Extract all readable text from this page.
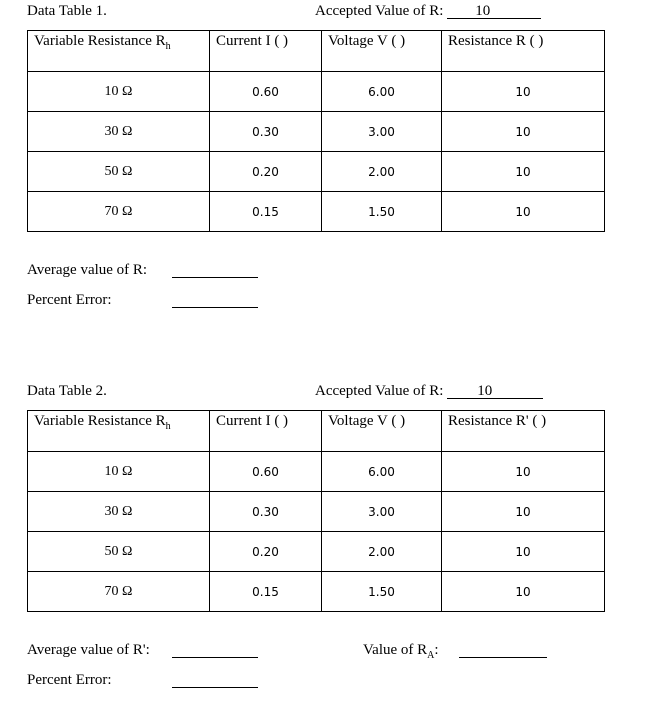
Data Table 1.	Accepted Value of R: 10
Variable Resistance $R_h$	Current I ( )	Voltage V ( )	Resistance R ( )
10 Ω	0.60	6.00	10
30 Ω	0.30	3.00	10
50 Ω	0.20	2.00	10
70 Ω	0.15	1.50	10
Average value of R:
Percent Error:
Data Table 2.	Accepted Value of R: 10
Variable Resistance $R_h$	Current I ( )	Voltage V ( )	Resistance R' ( )
10 Ω	0.60	6.00	10
30 Ω	0.30	3.00	10
50 Ω	0.20	2.00	10
70 Ω	0.15	1.50	10
Average value of R':	Value of $R_A$:
Percent Error:
